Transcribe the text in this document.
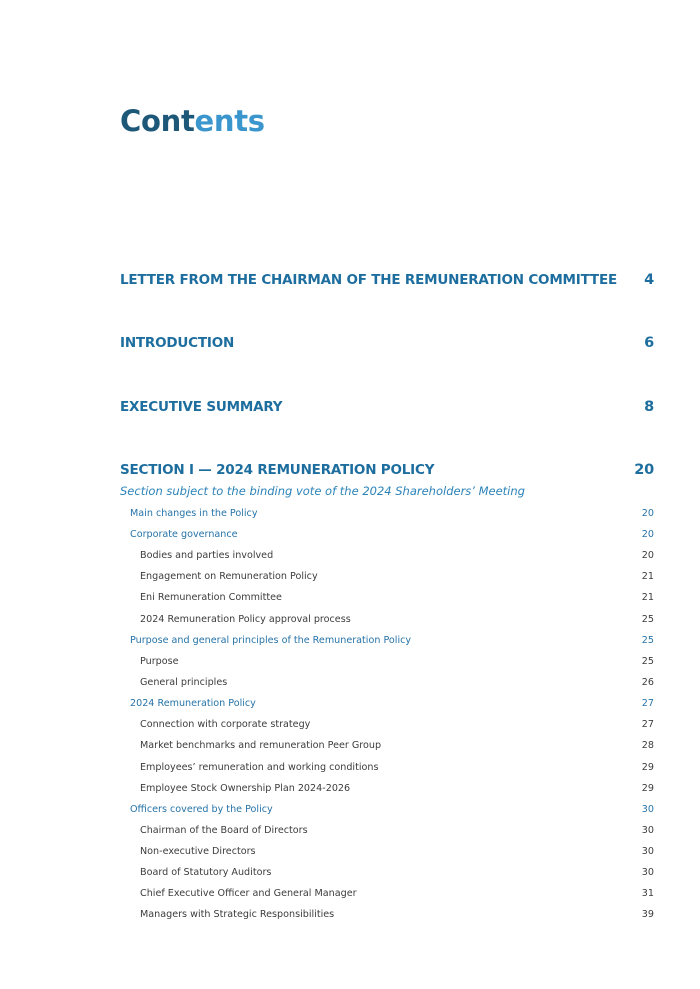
Contents
LETTER FROM THE CHAIRMAN OF THE REMUNERATION COMMITTEE 4
INTRODUCTION	6
EXECUTIVE SUMMARY	8
SECTION I — 2024 REMUNERATION POLICY	20
Section subject to the binding vote of the 2024 Shareholders’ Meeting
Main changes in the Policy	20
Corporate governance	20
Bodies and parties involved	20
Engagement on Remuneration Policy	21
Eni Remuneration Committee	21
2024 Remuneration Policy approval process	25
Purpose and general principles of the Remuneration Policy	25
Purpose	25
General principles	26
2024 Remuneration Policy	27
Connection with corporate strategy	27
Market benchmarks and remuneration Peer Group	28
Employees’ remuneration and working conditions	29
Employee Stock Ownership Plan 2024-2026	29
Officers covered by the Policy	30
Chairman of the Board of Directors	30
Non-executive Directors	30
Board of Statutory Auditors	30
Chief Executive Officer and General Manager	31
Managers with Strategic Responsibilities	39
